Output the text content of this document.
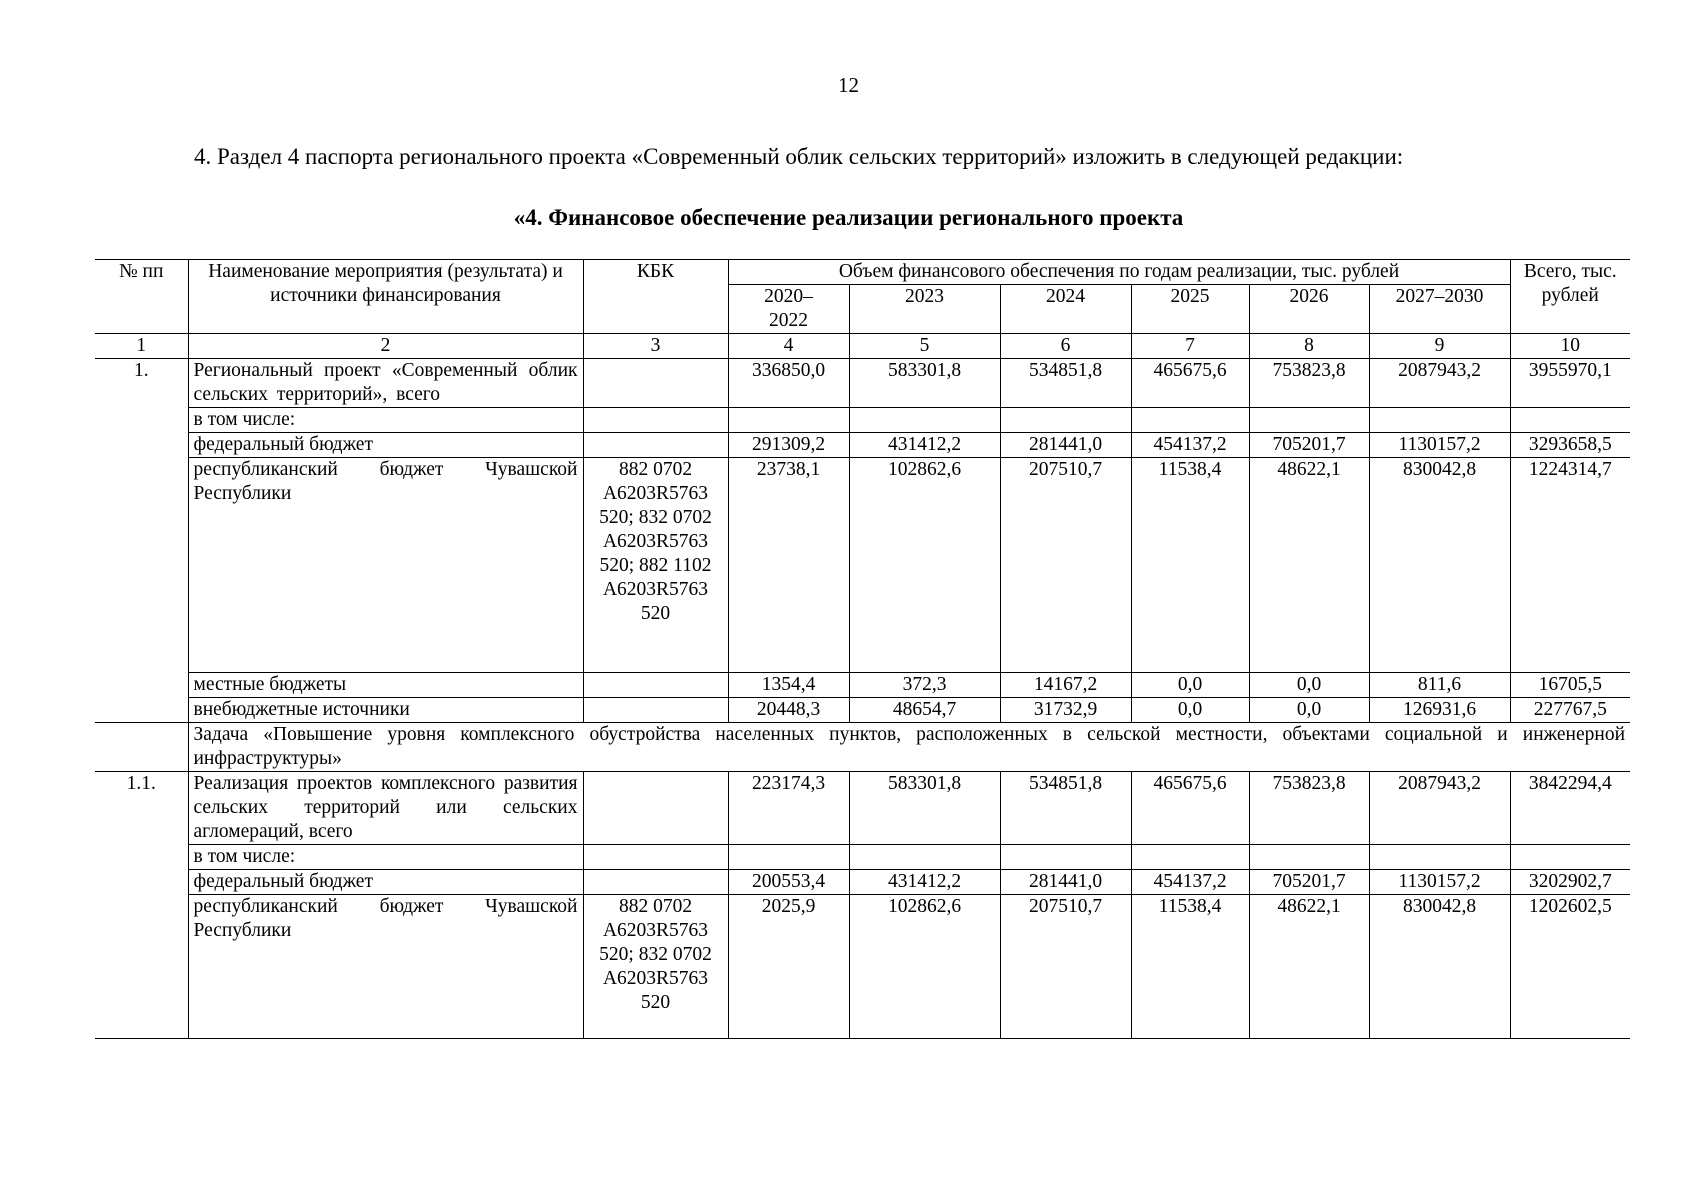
12
4. Раздел 4 паспорта регионального проекта «Современный облик сельских территорий» изложить в следующей редакции:
«4. Финансовое обеспечение реализации регионального проекта
№ пп	Наименование мероприятия (результата) и источники финансирования	КБК	Объем финансового обеспечения по годам реализации, тыс. рублей						Всего, тыс. рублей
			2020–2022	2023	2024	2025	2026	2027–2030	
1	2	3	4	5	6	7	8	9	10
1.	Региональный проект «Современный облик сельских территорий», всего		336850,0	583301,8	534851,8	465675,6	753823,8	2087943,2	3955970,1
	в том числе:								
	федеральный бюджет		291309,2	431412,2	281441,0	454137,2	705201,7	1130157,2	3293658,5
	республиканский бюджет Чувашской Республики	882 0702 А6203R5763 520; 832 0702 А6203R5763 520; 882 1102 А6203R5763 520	23738,1	102862,6	207510,7	11538,4	48622,1	830042,8	1224314,7
	местные бюджеты		1354,4	372,3	14167,2	0,0	0,0	811,6	16705,5
	внебюджетные источники		20448,3	48654,7	31732,9	0,0	0,0	126931,6	227767,5
	Задача «Повышение уровня комплексного обустройства населенных пунктов, расположенных в сельской местности, объектами социальной и инженерной инфраструктуры»								
1.1.	Реализация проектов комплексного развития сельских территорий или сельских агломераций, всего		223174,3	583301,8	534851,8	465675,6	753823,8	2087943,2	3842294,4
	в том числе:								
	федеральный бюджет		200553,4	431412,2	281441,0	454137,2	705201,7	1130157,2	3202902,7
	республиканский бюджет Чувашской Республики	882 0702 А6203R5763 520; 832 0702 А6203R5763 520	2025,9	102862,6	207510,7	11538,4	48622,1	830042,8	1202602,5
